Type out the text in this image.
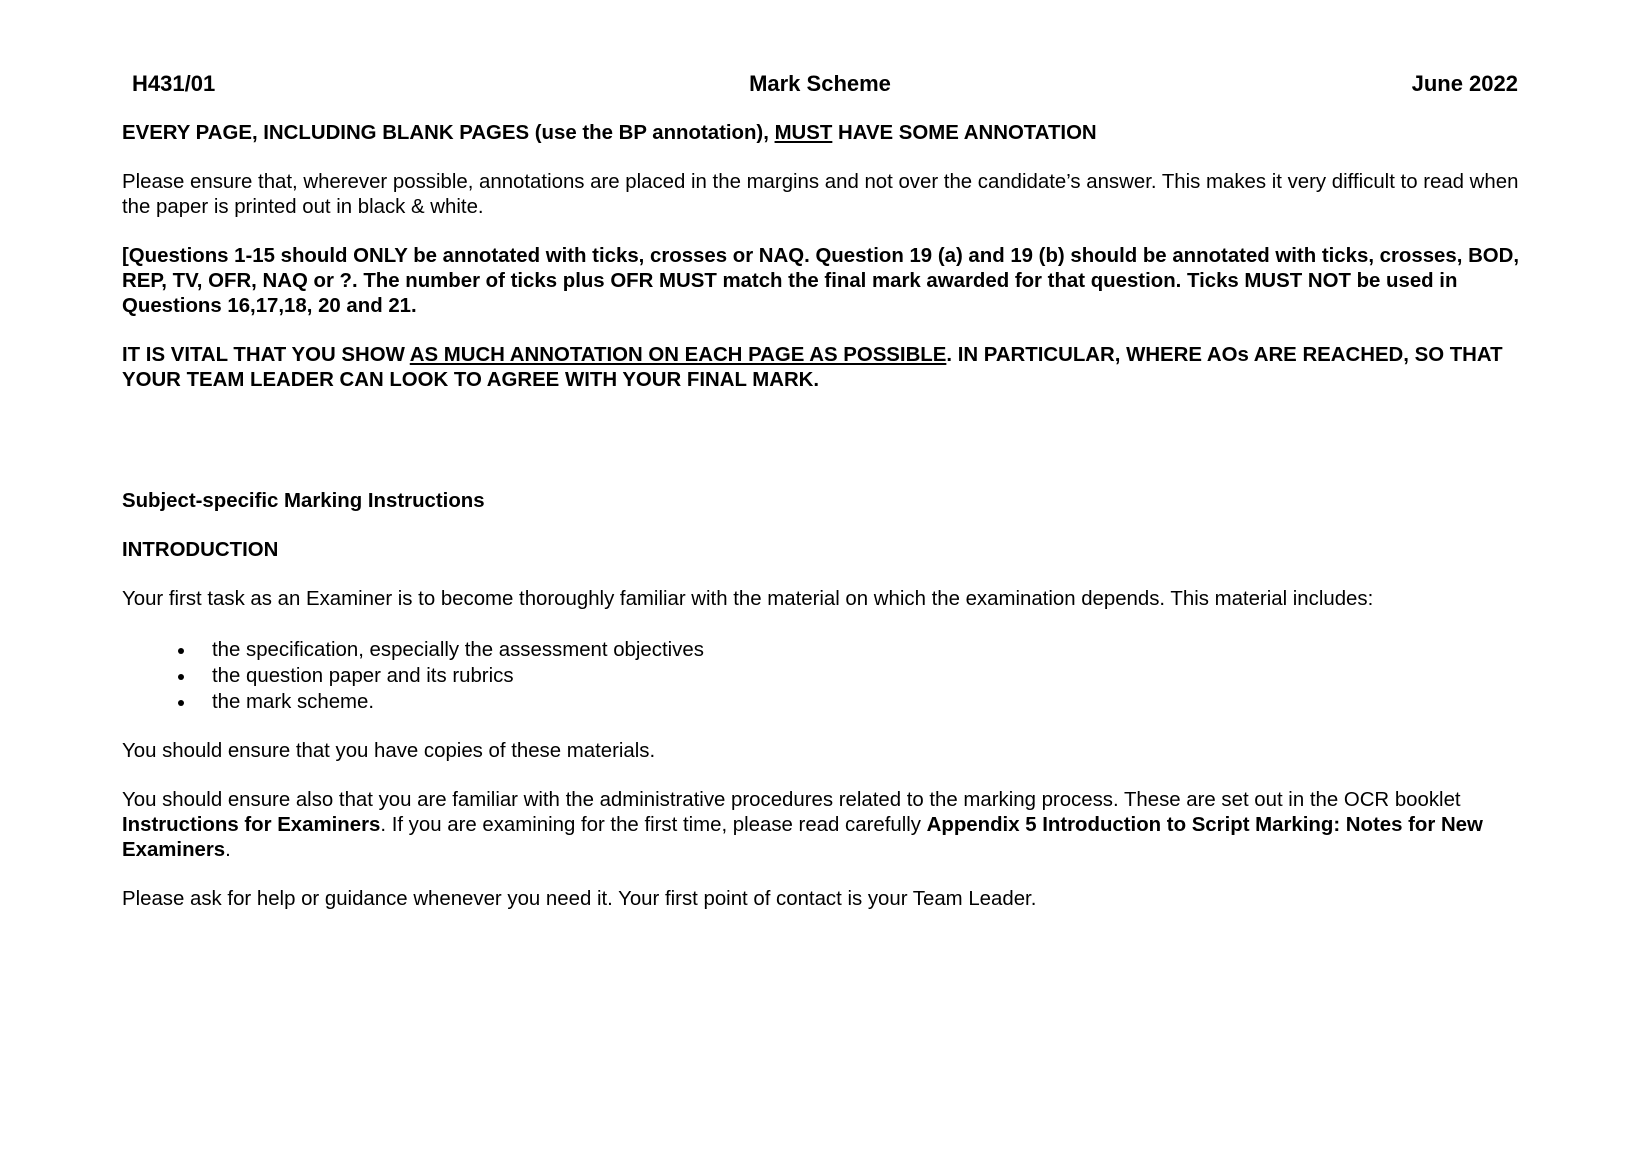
H431/01	Mark Scheme	June 2022

EVERY PAGE, INCLUDING BLANK PAGES (use the BP annotation), MUST HAVE SOME ANNOTATION

Please ensure that, wherever possible, annotations are placed in the margins and not over the candidate’s answer. This makes it very difficult to read when the paper is printed out in black & white.

[Questions 1-15 should ONLY be annotated with ticks, crosses or NAQ. Question 19 (a) and 19 (b) should be annotated with ticks, crosses, BOD, REP, TV, OFR, NAQ or ?. The number of ticks plus OFR MUST match the final mark awarded for that question. Ticks MUST NOT be used in Questions 16,17,18, 20 and 21.

IT IS VITAL THAT YOU SHOW AS MUCH ANNOTATION ON EACH PAGE AS POSSIBLE. IN PARTICULAR, WHERE AOs ARE REACHED, SO THAT YOUR TEAM LEADER CAN LOOK TO AGREE WITH YOUR FINAL MARK.

Subject-specific Marking Instructions

INTRODUCTION

Your first task as an Examiner is to become thoroughly familiar with the material on which the examination depends. This material includes:

the specification, especially the assessment objectives
the question paper and its rubrics
the mark scheme.

You should ensure that you have copies of these materials.

You should ensure also that you are familiar with the administrative procedures related to the marking process. These are set out in the OCR booklet Instructions for Examiners. If you are examining for the first time, please read carefully Appendix 5 Introduction to Script Marking: Notes for New Examiners.

Please ask for help or guidance whenever you need it. Your first point of contact is your Team Leader.
